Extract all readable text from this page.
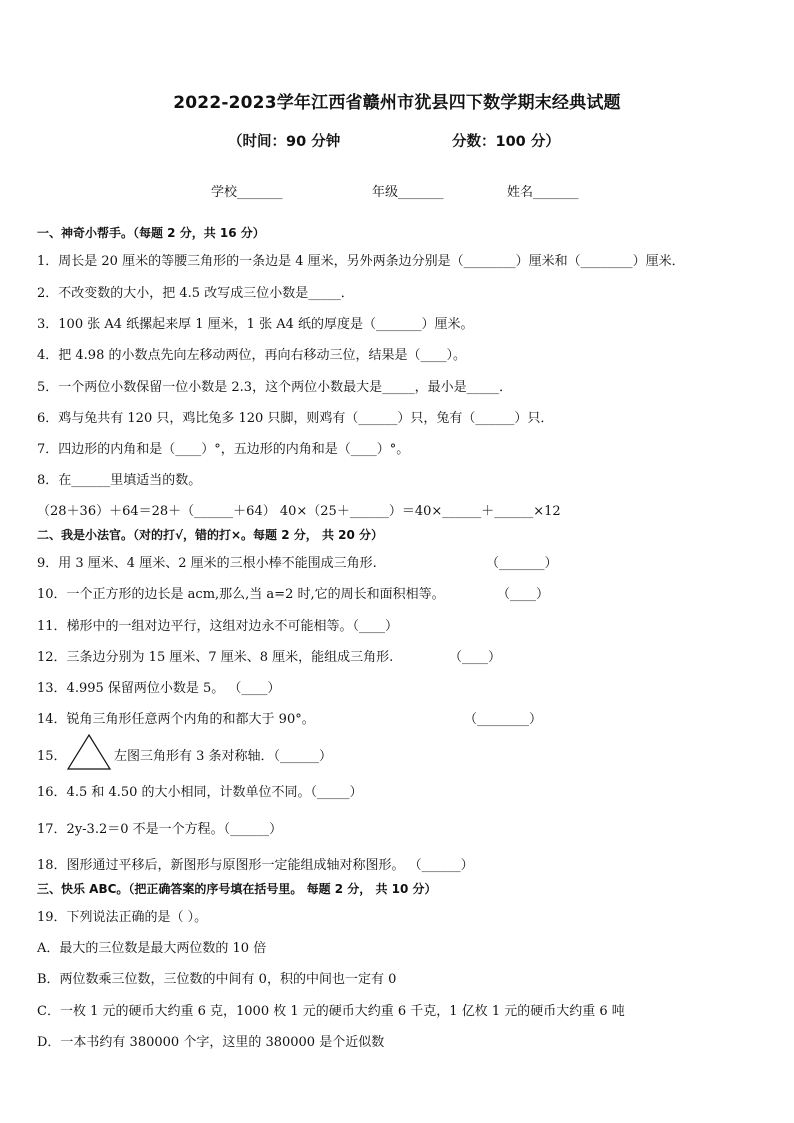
2022-2023学年江西省赣州市犹县四下数学期末经典试题
（时间：90 分钟	分数：100 分）
学校_______	年级_______	姓名_______
一、神奇小帮手。（每题 2 分，共 16 分）
1．周长是 20 厘米的等腰三角形的一条边是 4 厘米，另外两条边分别是（________）厘米和（________）厘米．
2．不改变数的大小，把 4.5 改写成三位小数是_____．
3．100 张 A4 纸摞起来厚 1 厘米，1 张 A4 纸的厚度是（_______）厘米。
4．把 4.98 的小数点先向左移动两位，再向右移动三位，结果是（____）。
5．一个两位小数保留一位小数是 2.3，这个两位小数最大是_____，最小是_____．
6．鸡与兔共有 120 只，鸡比兔多 120 只脚，则鸡有（______）只，兔有（______）只．
7．四边形的内角和是（____）°，五边形的内角和是（____）°。
8．在______里填适当的数。
（28＋36）＋64＝28＋（______＋64） 40×（25＋______）＝40×______＋______×12
二、我是小法官。（对的打√，错的打×。每题 2 分， 共 20 分）
9．用 3 厘米、4 厘米、2 厘米的三根小棒不能围成三角形.	（_______）
10．一个正方形的边长是 acm,那么,当 a=2 时,它的周长和面积相等。	（____）
11．梯形中的一组对边平行，这组对边永不可能相等。（____）
12．三条边分别为 15 厘米、7 厘米、8 厘米，能组成三角形.	（____）
13．4.995 保留两位小数是 5。 （____）
14．锐角三角形任意两个内角的和都大于 90°。	（________）
15．	左图三角形有 3 条对称轴．（______）
16．4.5 和 4.50 的大小相同，计数单位不同。（_____）
17．2y-3.2＝0 不是一个方程。（______）
18．图形通过平移后，新图形与原图形一定能组成轴对称图形。 （______）
三、快乐 ABC。（把正确答案的序号填在括号里。 每题 2 分， 共 10 分）
19．下列说法正确的是（ ）。
A．最大的三位数是最大两位数的 10 倍
B．两位数乘三位数，三位数的中间有 0，积的中间也一定有 0
C．一枚 1 元的硬币大约重 6 克，1000 枚 1 元的硬币大约重 6 千克，1 亿枚 1 元的硬币大约重 6 吨
D．一本书约有 380000 个字，这里的 380000 是个近似数
